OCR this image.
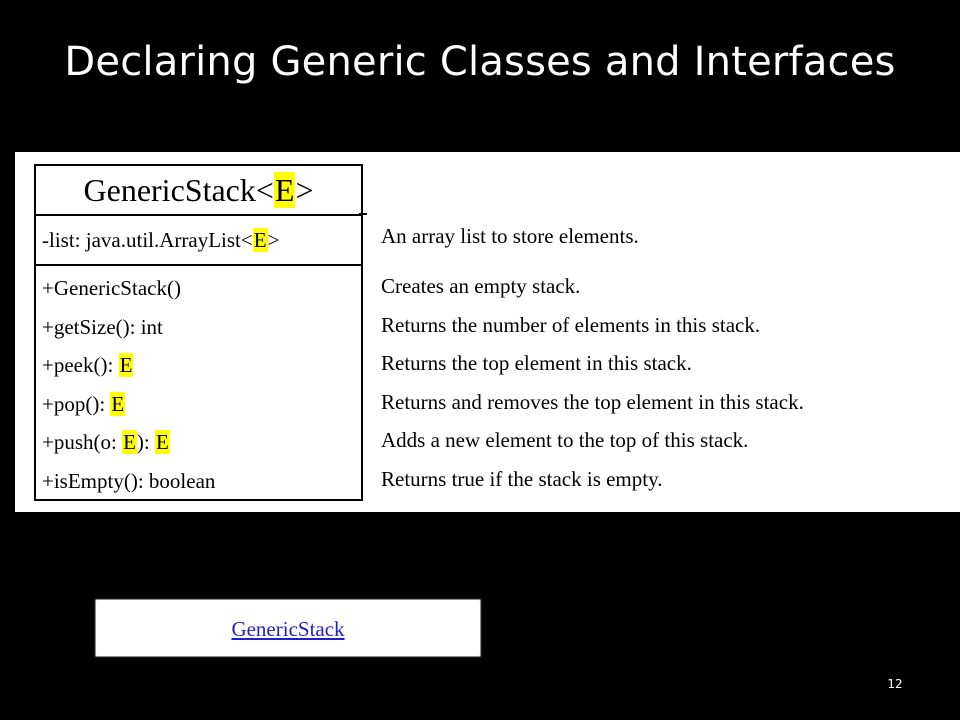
Declaring Generic Classes and Interfaces
GenericStack<E>
-list: java.util.ArrayList<E>
+GenericStack()
+getSize(): int
+peek(): E
+pop(): E
+push(o: E): E
+isEmpty(): boolean
An array list to store elements.
Creates an empty stack.
Returns the number of elements in this stack.
Returns the top element in this stack.
Returns and removes the top element in this stack.
Adds a new element to the top of this stack.
Returns true if the stack is empty.
GenericStack
12
